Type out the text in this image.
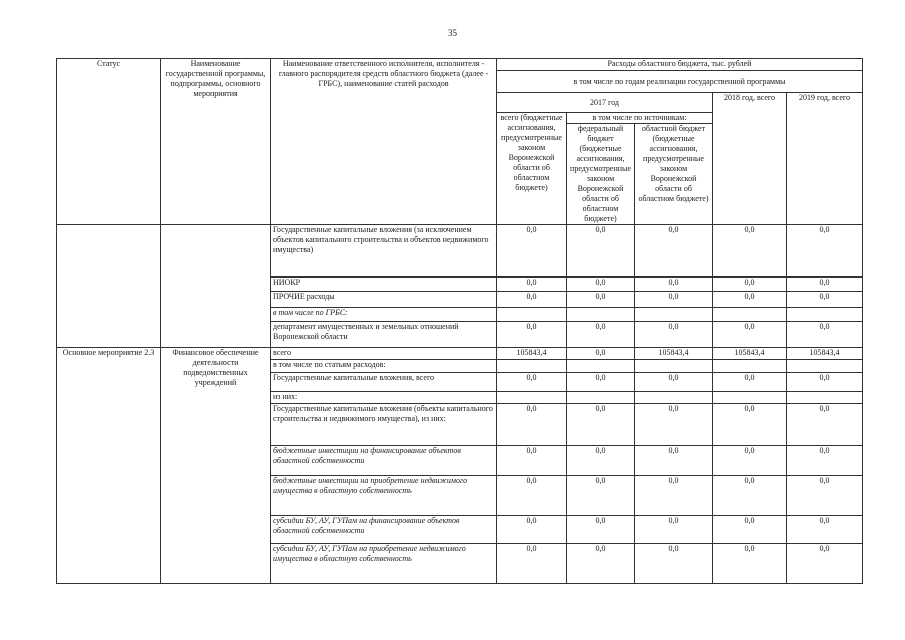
35
Статус	Наименование государственной программы, подпрограммы, основного мероприятия	Наименование ответственного исполнителя, исполнителя - главного распорядителя средств областного бюджета (далее - ГРБС), наименование статей расходов	Расходы областного бюджета, тыс. рублей				
			в том числе по годам реализации государственной программы				
			2017 год			2018 год, всего	2019 год, всего
			всего (бюджетные ассигнования, предусмотренные законом Воронежской области об областном бюджете)	в том числе по источникам:			
				федеральный бюджет (бюджетные ассигнования, предусмотренные законом Воронежской области об областном бюджете)	областной бюджет (бюджетные ассигнования, предусмотренные законом Воронежской области об областном бюджете)		
		Государственные капитальные вложения (за исключением объектов капитального строительства и объектов недвижимого имущества)	0,0	0,0	0,0	0,0	0,0

		НИОКР	0,0	0,0	0,0	0,0	0,0
		ПРОЧИЕ расходы	0,0	0,0	0,0	0,0	0,0
		в том числе по ГРБС:					
		департамент имущественных и земельных отношений Воронежской области	0,0	0,0	0,0	0,0	0,0
Основное мероприятие 2.3	Финансовое обеспечение деятельности подведомственных учреждений	всего	105843,4	0,0	105843,4	105843,4	105843,4
		в том числе по статьям расходов:					
		Государственные капитальные вложения, всего	0,0	0,0	0,0	0,0	0,0
		из них:					
		Государственные капитальные вложения (объекты капитального строительства и недвижимого имущества), из них:	0,0	0,0	0,0	0,0	0,0
		бюджетные инвестиции на финансирование объектов областной собственности	0,0	0,0	0,0	0,0	0,0
		бюджетные инвестиции на приобретение недвижимого имущества в областную собственность	0,0	0,0	0,0	0,0	0,0
		субсидии БУ, АУ, ГУПам на финансирование объектов областной собственности	0,0	0,0	0,0	0,0	0,0
		субсидии БУ, АУ, ГУПам на приобретение недвижимого имущества в областную собственность	0,0	0,0	0,0	0,0	0,0
